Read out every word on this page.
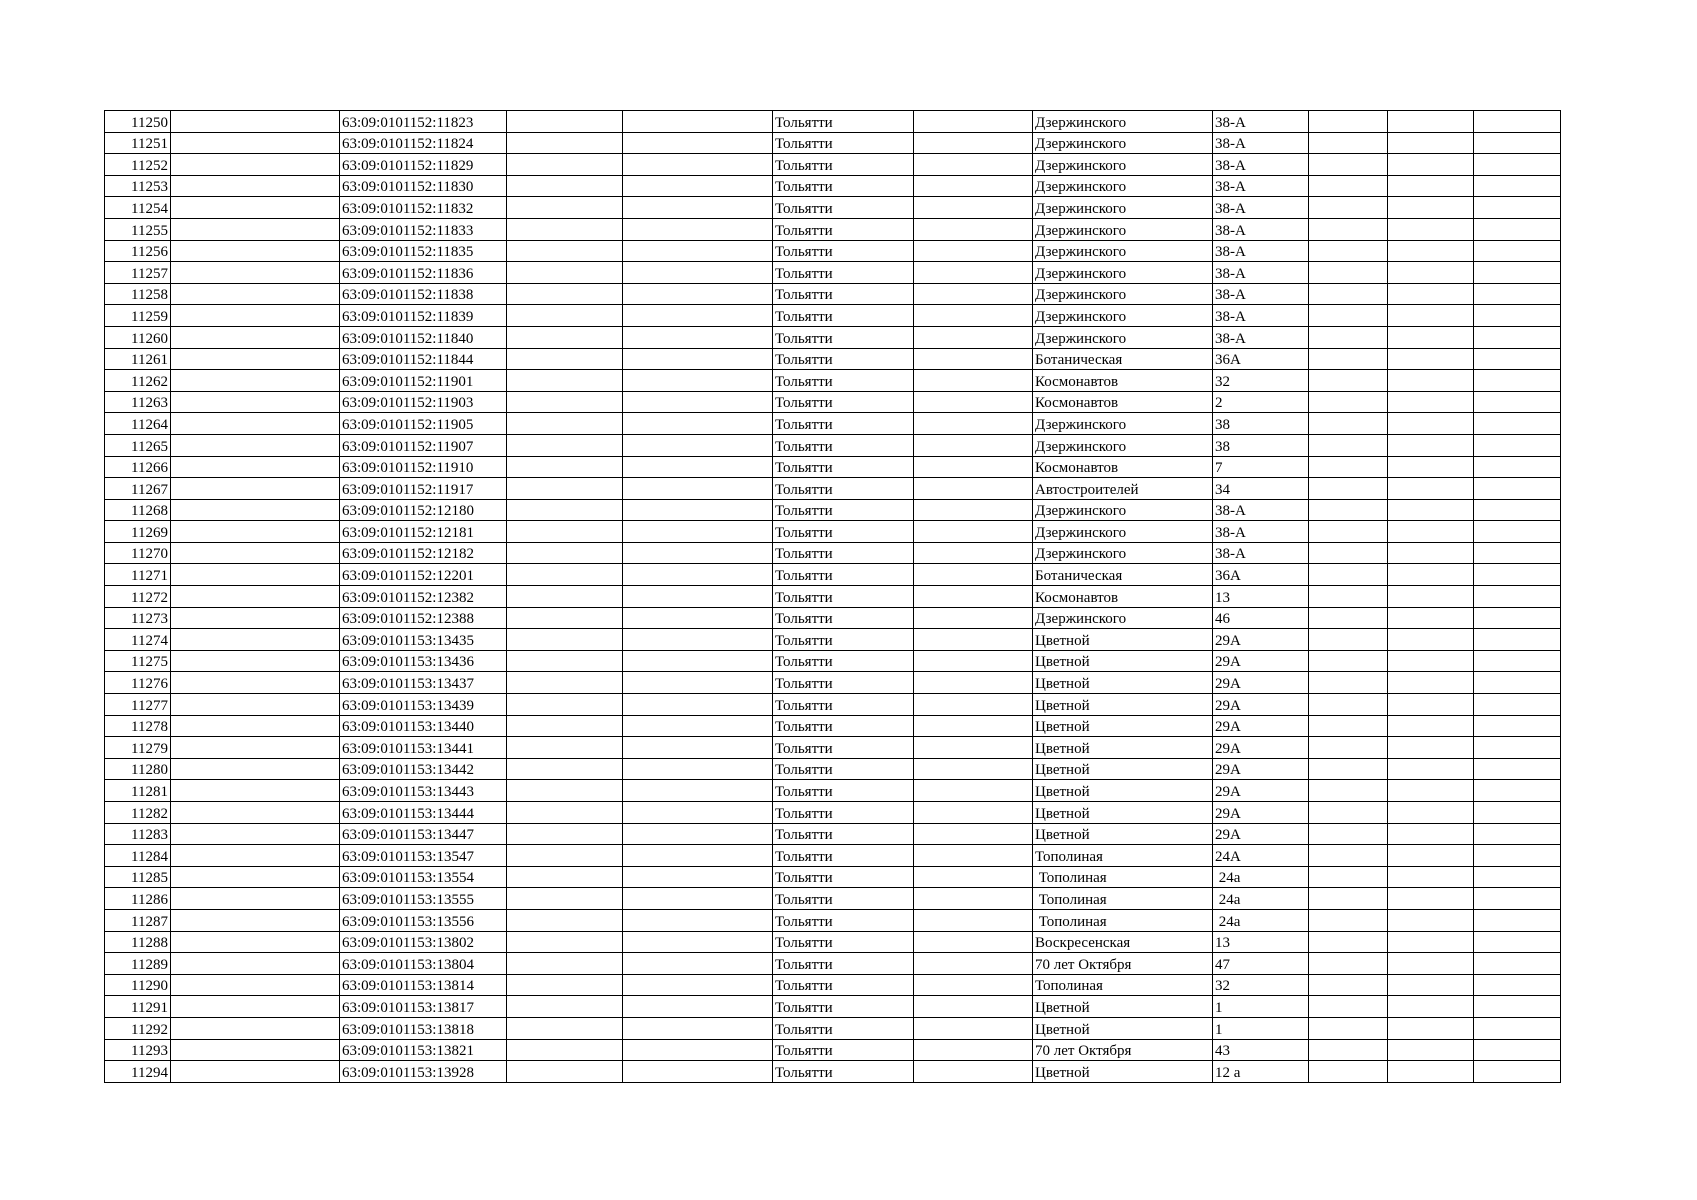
11250		63:09:0101152:11823			Тольятти		Дзержинского	38-А			
11251		63:09:0101152:11824			Тольятти		Дзержинского	38-А			
11252		63:09:0101152:11829			Тольятти		Дзержинского	38-А			
11253		63:09:0101152:11830			Тольятти		Дзержинского	38-А			
11254		63:09:0101152:11832			Тольятти		Дзержинского	38-А			
11255		63:09:0101152:11833			Тольятти		Дзержинского	38-А			
11256		63:09:0101152:11835			Тольятти		Дзержинского	38-А			
11257		63:09:0101152:11836			Тольятти		Дзержинского	38-А			
11258		63:09:0101152:11838			Тольятти		Дзержинского	38-А			
11259		63:09:0101152:11839			Тольятти		Дзержинского	38-А			
11260		63:09:0101152:11840			Тольятти		Дзержинского	38-А			
11261		63:09:0101152:11844			Тольятти		Ботаническая	36А			
11262		63:09:0101152:11901			Тольятти		Космонавтов	32			
11263		63:09:0101152:11903			Тольятти		Космонавтов	2			
11264		63:09:0101152:11905			Тольятти		Дзержинского	38			
11265		63:09:0101152:11907			Тольятти		Дзержинского	38			
11266		63:09:0101152:11910			Тольятти		Космонавтов	7			
11267		63:09:0101152:11917			Тольятти		Автостроителей	34			
11268		63:09:0101152:12180			Тольятти		Дзержинского	38-А			
11269		63:09:0101152:12181			Тольятти		Дзержинского	38-А			
11270		63:09:0101152:12182			Тольятти		Дзержинского	38-А			
11271		63:09:0101152:12201			Тольятти		Ботаническая	36А			
11272		63:09:0101152:12382			Тольятти		Космонавтов	13			
11273		63:09:0101152:12388			Тольятти		Дзержинского	46			
11274		63:09:0101153:13435			Тольятти		Цветной	29А			
11275		63:09:0101153:13436			Тольятти		Цветной	29А			
11276		63:09:0101153:13437			Тольятти		Цветной	29А			
11277		63:09:0101153:13439			Тольятти		Цветной	29А			
11278		63:09:0101153:13440			Тольятти		Цветной	29А			
11279		63:09:0101153:13441			Тольятти		Цветной	29А			
11280		63:09:0101153:13442			Тольятти		Цветной	29А			
11281		63:09:0101153:13443			Тольятти		Цветной	29А			
11282		63:09:0101153:13444			Тольятти		Цветной	29А			
11283		63:09:0101153:13447			Тольятти		Цветной	29А			
11284		63:09:0101153:13547			Тольятти		Тополиная	24А			
11285		63:09:0101153:13554			Тольятти		Тополиная	24а			
11286		63:09:0101153:13555			Тольятти		Тополиная	24а			
11287		63:09:0101153:13556			Тольятти		Тополиная	24а			
11288		63:09:0101153:13802			Тольятти		Воскресенская	13			
11289		63:09:0101153:13804			Тольятти		70 лет Октября	47			
11290		63:09:0101153:13814			Тольятти		Тополиная	32			
11291		63:09:0101153:13817			Тольятти		Цветной	1			
11292		63:09:0101153:13818			Тольятти		Цветной	1			
11293		63:09:0101153:13821			Тольятти		70 лет Октября	43			
11294		63:09:0101153:13928			Тольятти		Цветной	12 а			
